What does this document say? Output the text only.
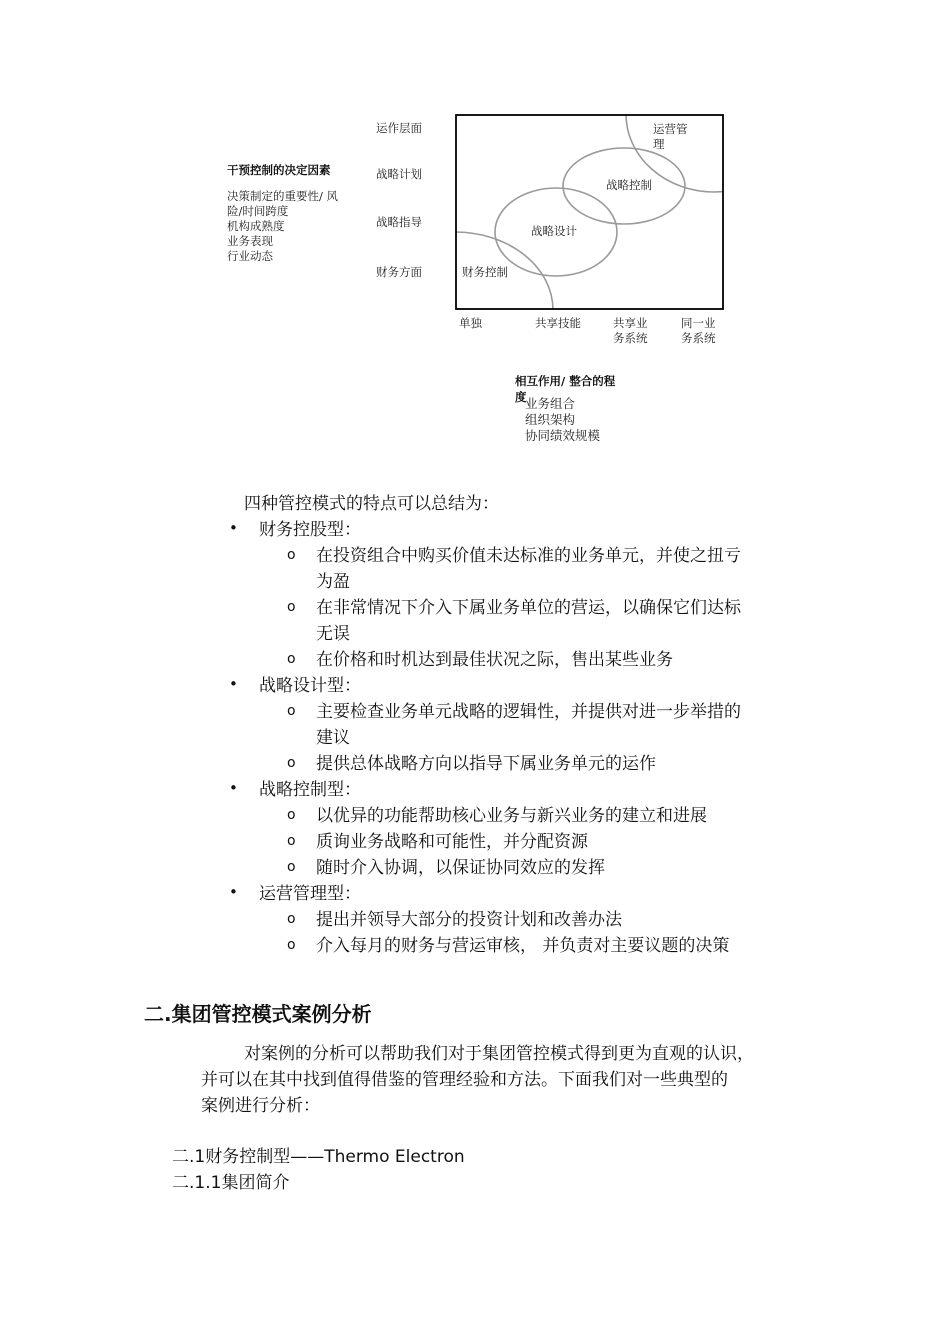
干预控制的决定因素
决策制定的重要性/ 风
险/时间跨度
机构成熟度
业务表现
行业动态
运作层面
战略计划
战略指导
财务方面
运营管
理
战略控制
战略设计
财务控制
单独	共享技能	共享业
务系统
同一业
务系统
相互作用/ 整合的程
度
业务组合
组织架构
协同绩效规模
四种管控模式的特点可以总结为：
• 财务控股型：
o 在投资组合中购买价值未达标准的业务单元，并使之扭亏
为盈
o 在非常情况下介入下属业务单位的营运，以确保它们达标
无误
o 在价格和时机达到最佳状况之际，售出某些业务
• 战略设计型：
o 主要检查业务单元战略的逻辑性，并提供对进一步举措的
建议
o 提供总体战略方向以指导下属业务单元的运作
• 战略控制型：
o 以优异的功能帮助核心业务与新兴业务的建立和进展
o 质询业务战略和可能性，并分配资源
o 随时介入协调，以保证协同效应的发挥
• 运营管理型：
o 提出并领导大部分的投资计划和改善办法
o 介入每月的财务与营运审核， 并负责对主要议题的决策
二.集团管控模式案例分析
对案例的分析可以帮助我们对于集团管控模式得到更为直观的认识，
并可以在其中找到值得借鉴的管理经验和方法。下面我们对一些典型的
案例进行分析：
二.1财务控制型——Thermo Electron
二.1.1集团简介
